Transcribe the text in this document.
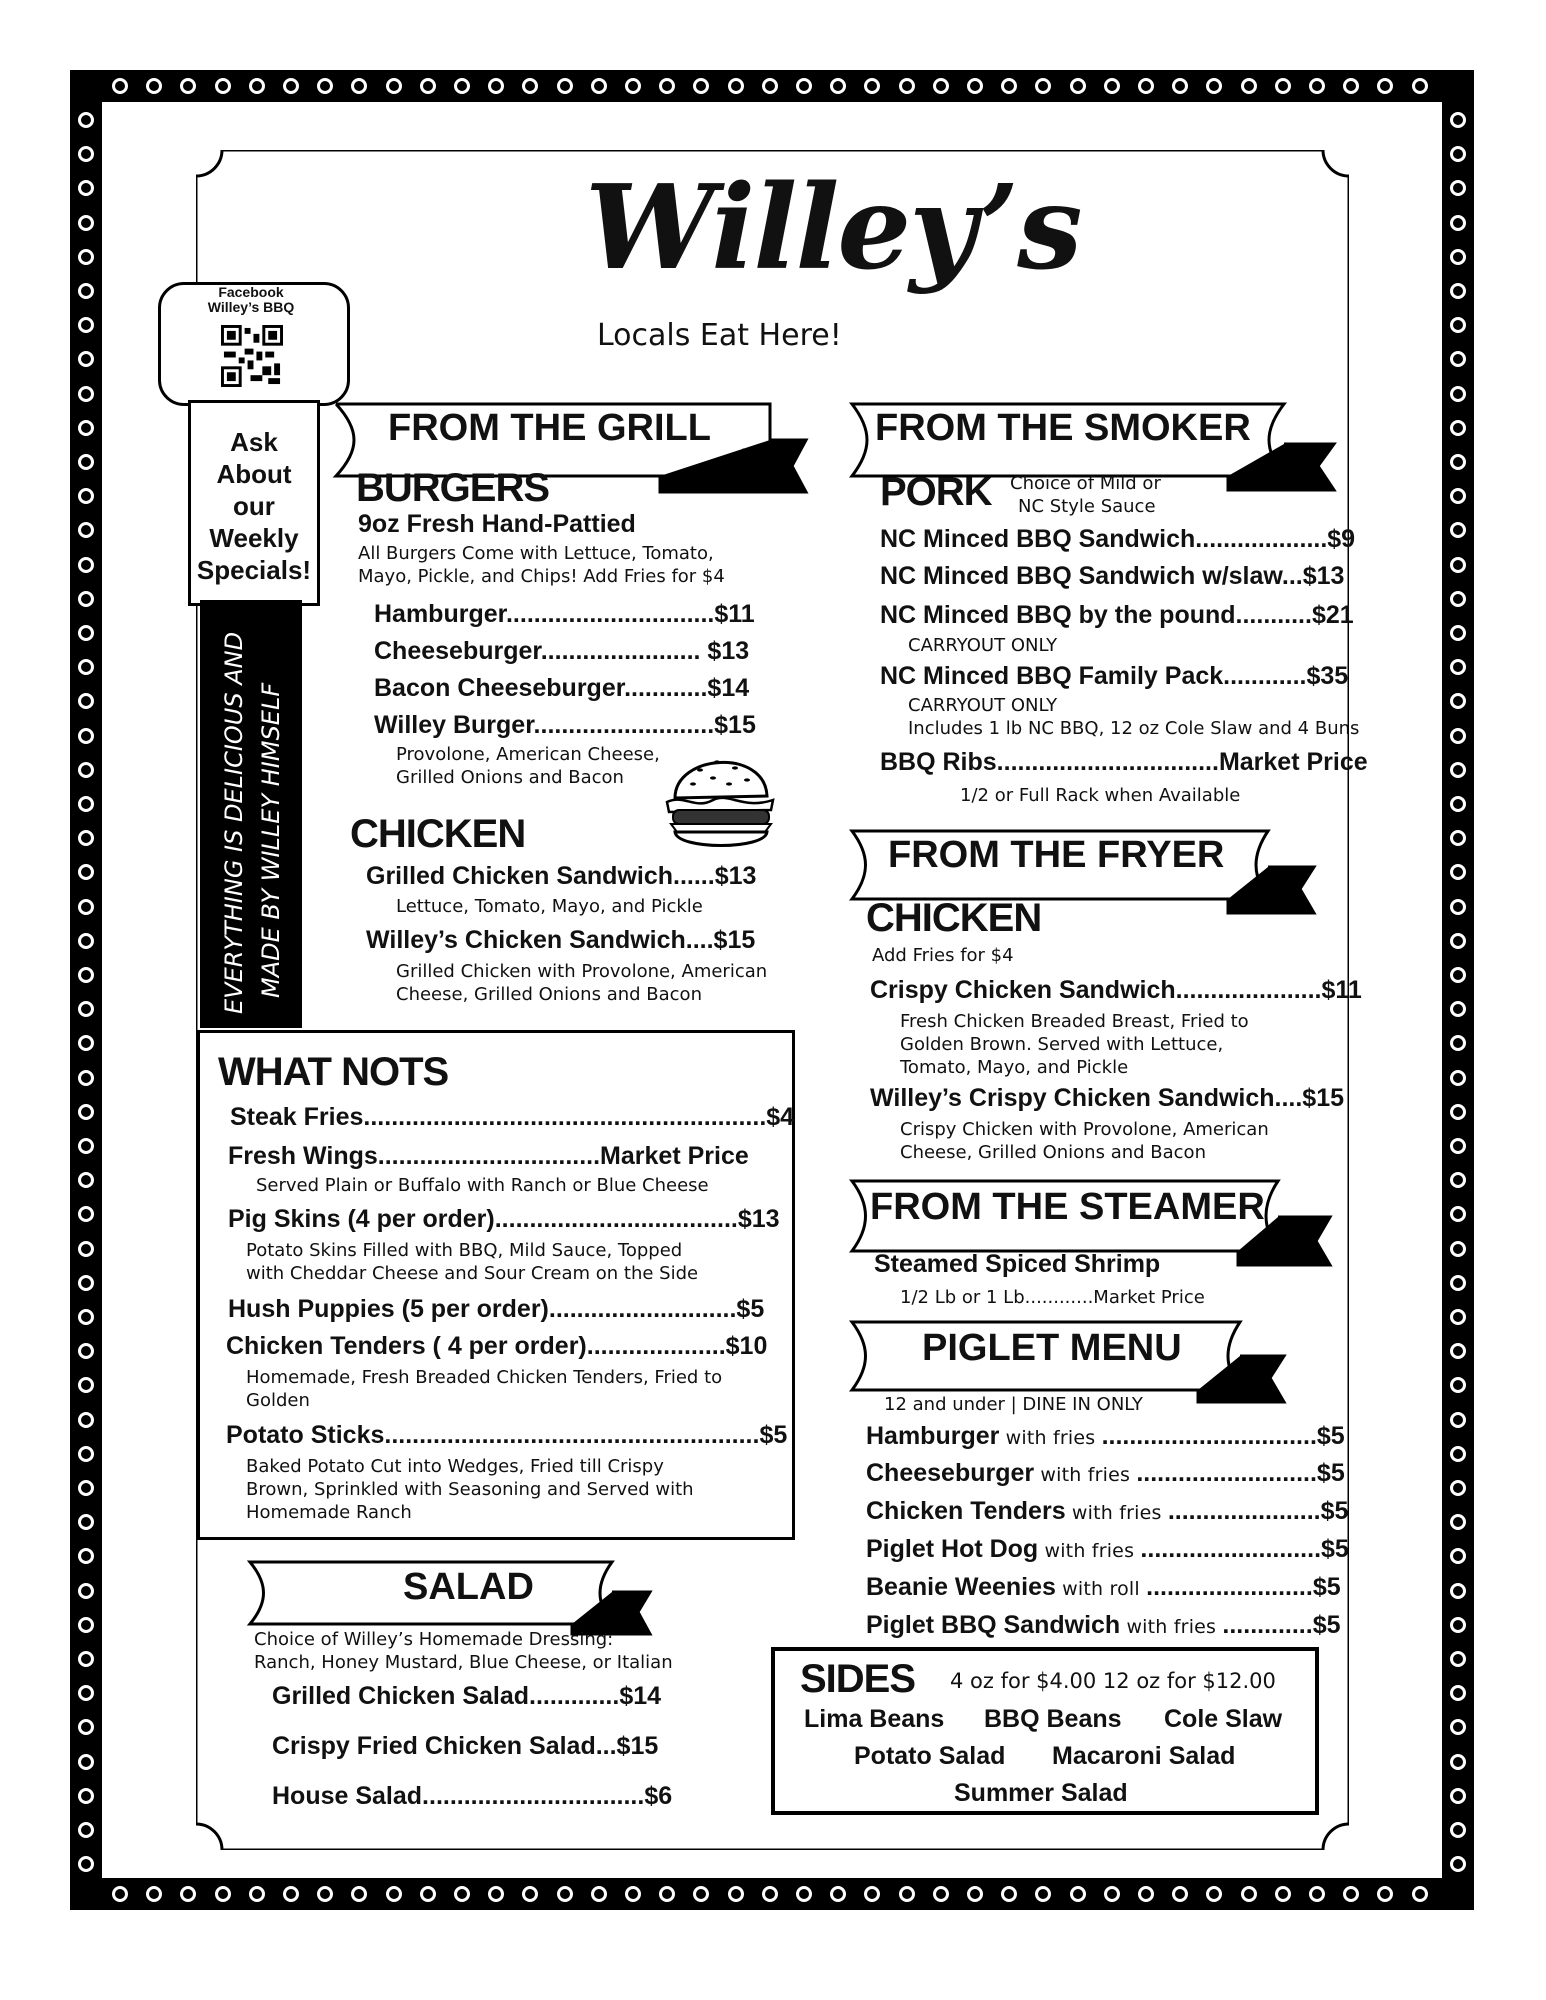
Willey’s
Locals Eat Here!
Facebook
Willey’s BBQ
Ask
About
our
Weekly
Specials!
EVERYTHING IS DELICIOUS AND MADE BY WILLEY HIMSELF
FROM THE GRILL	FROM THE SMOKER
FROM THE FRYER
FROM THE STEAMER
PIGLET MENU
SALAD
BURGERS
9oz Fresh Hand-Pattied
All Burgers Come with Lettuce, Tomato,
Mayo, Pickle, and Chips! Add Fries for $4
Hamburger..............................$11
Cheeseburger....................... $13
Bacon Cheeseburger............$14
Willey Burger..........................$15
Provolone, American Cheese,
Grilled Onions and Bacon
CHICKEN
Grilled Chicken Sandwich......$13
Lettuce, Tomato, Mayo, and Pickle
Willey’s Chicken Sandwich....$15
Grilled Chicken with Provolone, American
Cheese, Grilled Onions and Bacon
WHAT NOTS
Steak Fries..........................................................$4
Fresh Wings................................Market Price
Served Plain or Buffalo with Ranch or Blue Cheese
Pig Skins (4 per order)...................................$13
Potato Skins Filled with BBQ, Mild Sauce, Topped
with Cheddar Cheese and Sour Cream on the Side
Hush Puppies (5 per order)...........................$5
Chicken Tenders ( 4 per order)....................$10
Homemade, Fresh Breaded Chicken Tenders, Fried to
Golden
Potato Sticks......................................................$5
Baked Potato Cut into Wedges, Fried till Crispy
Brown, Sprinkled with Seasoning and Served with
Homemade Ranch
Choice of Willey’s Homemade Dressing:
Ranch, Honey Mustard, Blue Cheese, or Italian
Grilled Chicken Salad.............$14
Crispy Fried Chicken Salad...$15
House Salad................................$6
PORK Choice of Mild or
NC Style Sauce
NC Minced BBQ Sandwich...................$9
NC Minced BBQ Sandwich w/slaw...$13
NC Minced BBQ by the pound...........$21
CARRYOUT ONLY
NC Minced BBQ Family Pack............$35
CARRYOUT ONLY
Includes 1 lb NC BBQ, 12 oz Cole Slaw and 4 Buns
BBQ Ribs................................Market Price
1/2 or Full Rack when Available
CHICKEN
Add Fries for $4
Crispy Chicken Sandwich.....................$11
Fresh Chicken Breaded Breast, Fried to
Golden Brown. Served with Lettuce,
Tomato, Mayo, and Pickle
Willey’s Crispy Chicken Sandwich....$15
Crispy Chicken with Provolone, American
Cheese, Grilled Onions and Bacon
Steamed Spiced Shrimp
1/2 Lb or 1 Lb............Market Price
12 and under | DINE IN ONLY
Hamburger with fries ...............................$5
Cheeseburger with fries ..........................$5
Chicken Tenders with fries ......................$5
Piglet Hot Dog with fries ..........................$5
Beanie Weenies with roll ........................$5
Piglet BBQ Sandwich with fries .............$5
SIDES 4 oz for $4.00 12 oz for $12.00
Lima Beans BBQ Beans Cole Slaw
Potato Salad Macaroni Salad
Summer Salad
